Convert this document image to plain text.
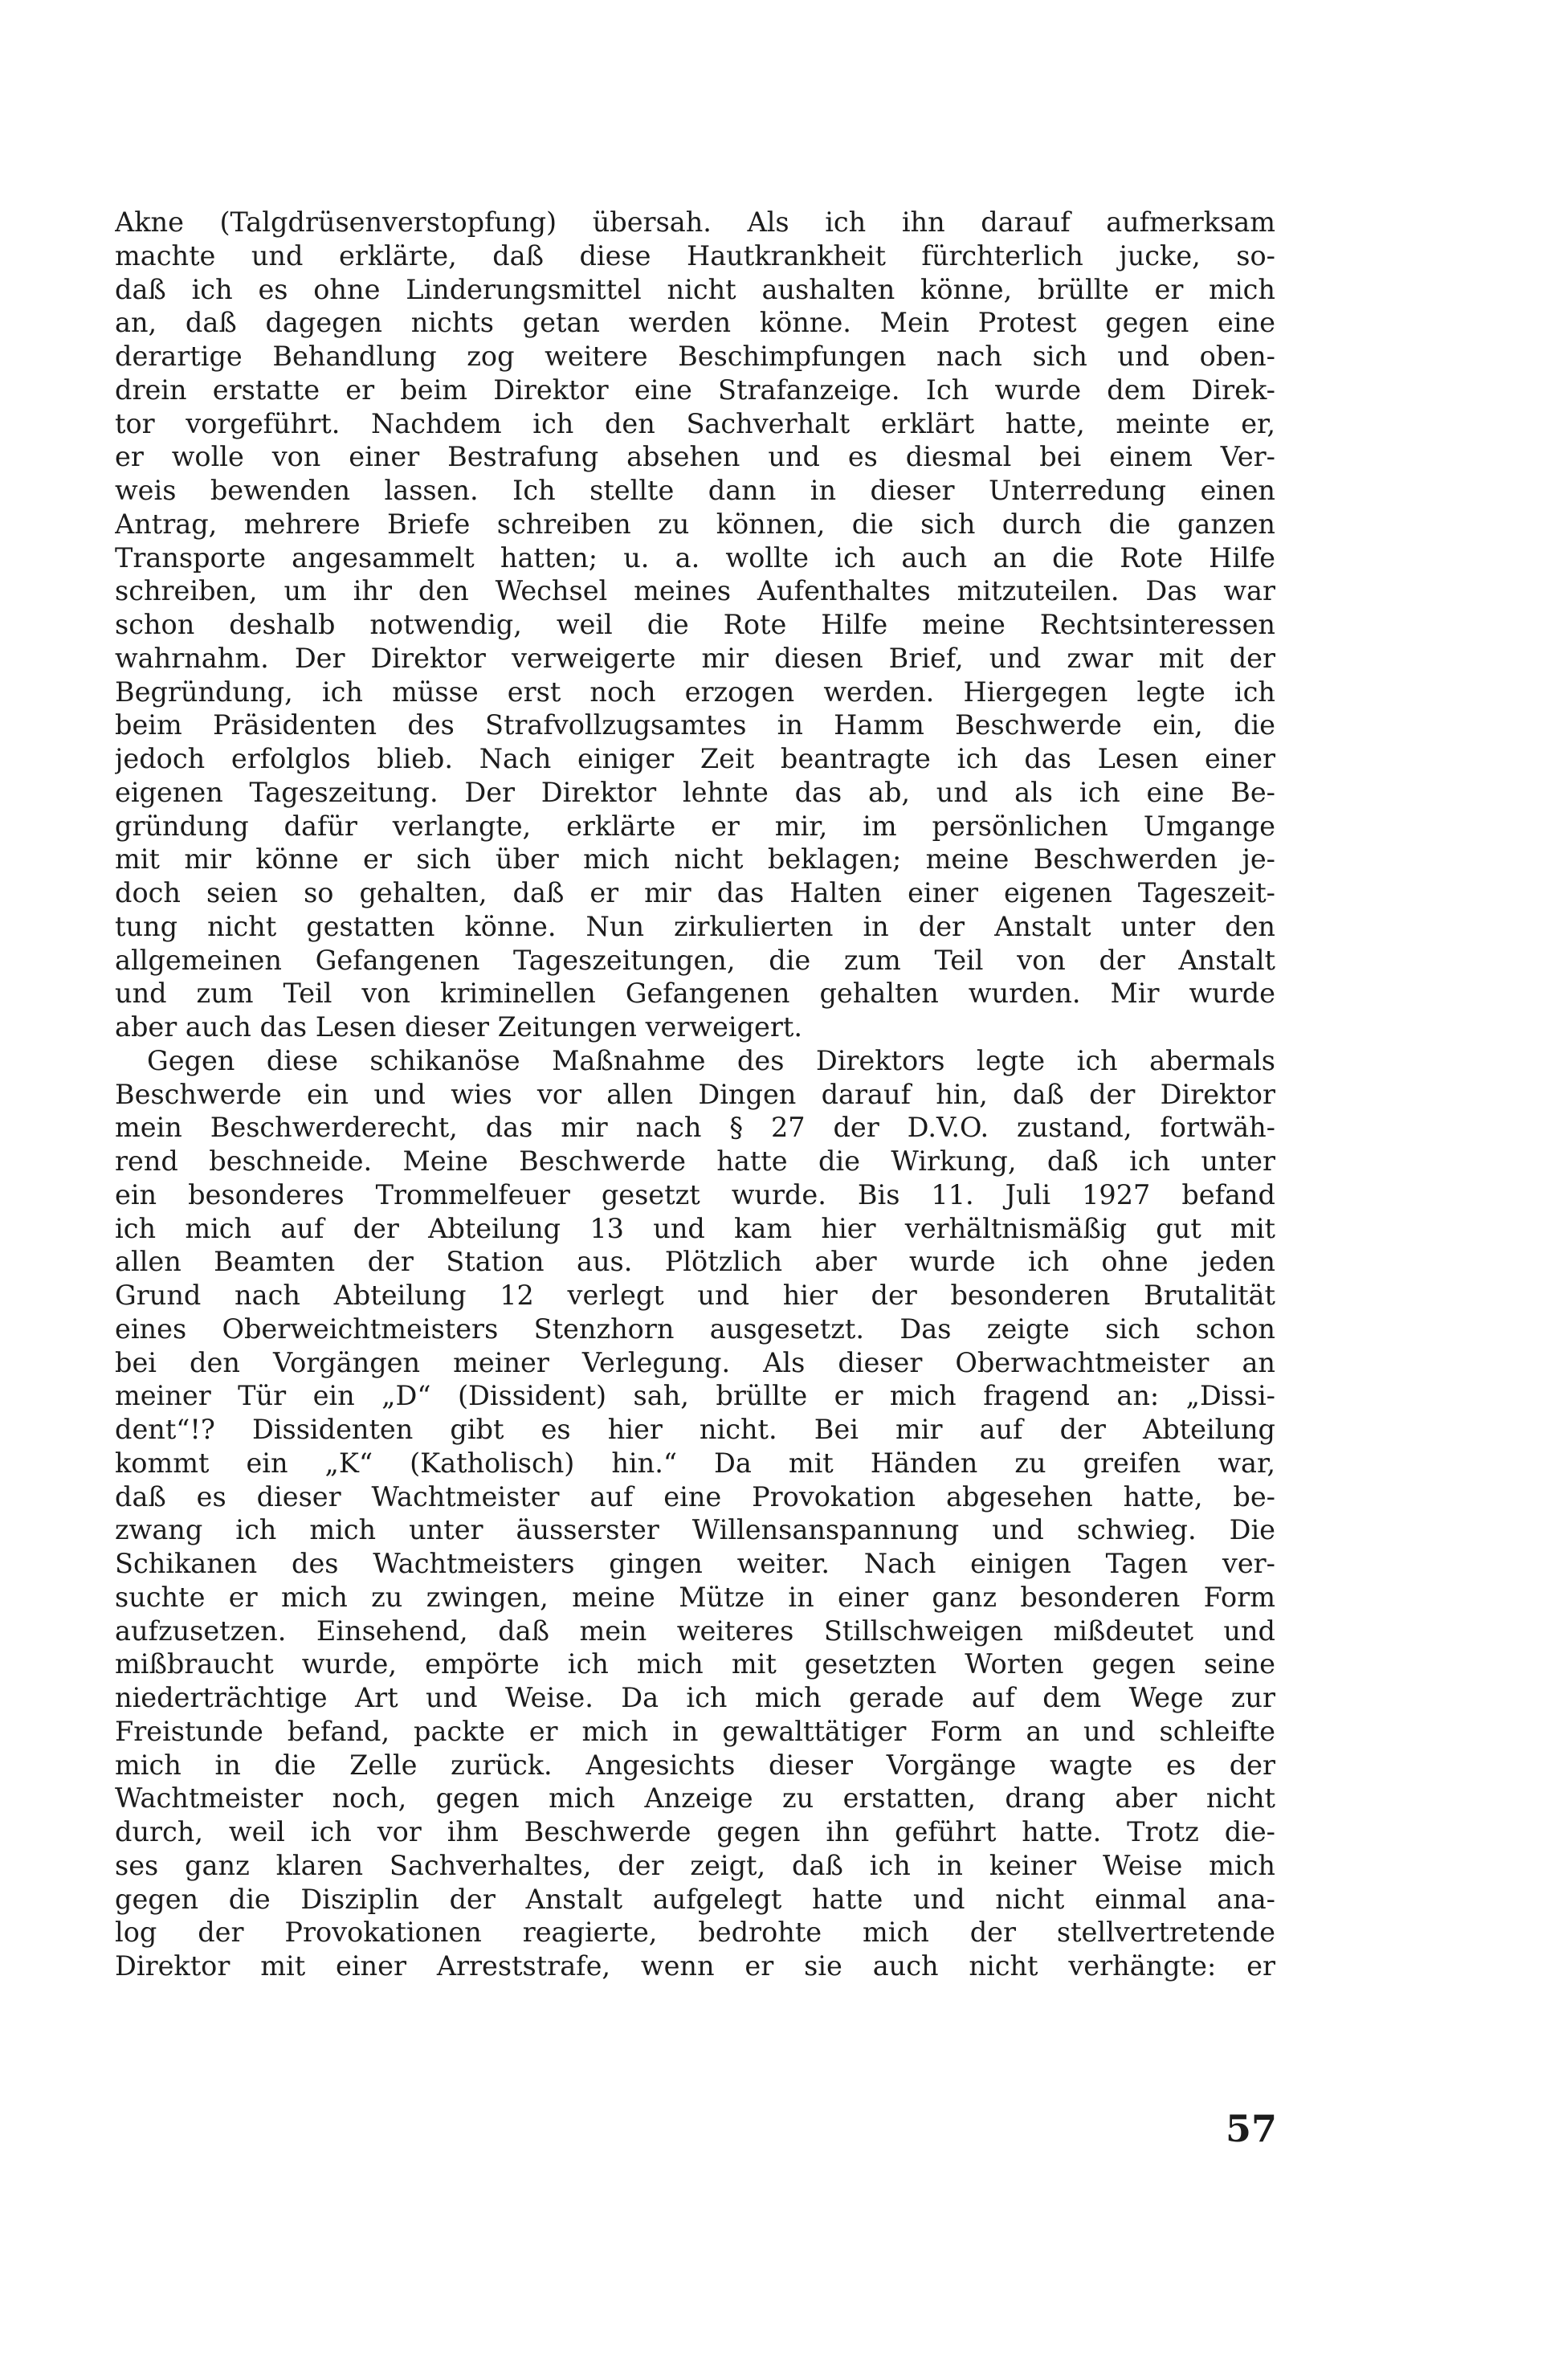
Akne (Talgdrüsenverstopfung) übersah. Als ich ihn darauf aufmerksam
machte und erklärte, daß diese Hautkrankheit fürchterlich jucke, so-
daß ich es ohne Linderungsmittel nicht aushalten könne, brüllte er mich
an, daß dagegen nichts getan werden könne. Mein Protest gegen eine
derartige Behandlung zog weitere Beschimpfungen nach sich und oben-
drein erstatte er beim Direktor eine Strafanzeige. Ich wurde dem Direk-
tor vorgeführt. Nachdem ich den Sachverhalt erklärt hatte, meinte er,
er wolle von einer Bestrafung absehen und es diesmal bei einem Ver-
weis bewenden lassen. Ich stellte dann in dieser Unterredung einen
Antrag, mehrere Briefe schreiben zu können, die sich durch die ganzen
Transporte angesammelt hatten; u. a. wollte ich auch an die Rote Hilfe
schreiben, um ihr den Wechsel meines Aufenthaltes mitzuteilen. Das war
schon deshalb notwendig, weil die Rote Hilfe meine Rechtsinteressen
wahrnahm. Der Direktor verweigerte mir diesen Brief, und zwar mit der
Begründung, ich müsse erst noch erzogen werden. Hiergegen legte ich
beim Präsidenten des Strafvollzugsamtes in Hamm Beschwerde ein, die
jedoch erfolglos blieb. Nach einiger Zeit beantragte ich das Lesen einer
eigenen Tageszeitung. Der Direktor lehnte das ab, und als ich eine Be-
gründung dafür verlangte, erklärte er mir, im persönlichen Umgange
mit mir könne er sich über mich nicht beklagen; meine Beschwerden je-
doch seien so gehalten, daß er mir das Halten einer eigenen Tageszeit-
tung nicht gestatten könne. Nun zirkulierten in der Anstalt unter den
allgemeinen Gefangenen Tageszeitungen, die zum Teil von der Anstalt
und zum Teil von kriminellen Gefangenen gehalten wurden. Mir wurde
aber auch das Lesen dieser Zeitungen verweigert.
Gegen diese schikanöse Maßnahme des Direktors legte ich abermals
Beschwerde ein und wies vor allen Dingen darauf hin, daß der Direktor
mein Beschwerderecht, das mir nach § 27 der D.V.O. zustand, fortwäh-
rend beschneide. Meine Beschwerde hatte die Wirkung, daß ich unter
ein besonderes Trommelfeuer gesetzt wurde. Bis 11. Juli 1927 befand
ich mich auf der Abteilung 13 und kam hier verhältnismäßig gut mit
allen Beamten der Station aus. Plötzlich aber wurde ich ohne jeden
Grund nach Abteilung 12 verlegt und hier der besonderen Brutalität
eines Oberweichtmeisters Stenzhorn ausgesetzt. Das zeigte sich schon
bei den Vorgängen meiner Verlegung. Als dieser Oberwachtmeister an
meiner Tür ein „D“ (Dissident) sah, brüllte er mich fragend an: „Dissi-
dent“!? Dissidenten gibt es hier nicht. Bei mir auf der Abteilung
kommt ein „K“ (Katholisch) hin.“ Da mit Händen zu greifen war,
daß es dieser Wachtmeister auf eine Provokation abgesehen hatte, be-
zwang ich mich unter äusserster Willensanspannung und schwieg. Die
Schikanen des Wachtmeisters gingen weiter. Nach einigen Tagen ver-
suchte er mich zu zwingen, meine Mütze in einer ganz besonderen Form
aufzusetzen. Einsehend, daß mein weiteres Stillschweigen mißdeutet und
mißbraucht wurde, empörte ich mich mit gesetzten Worten gegen seine
niederträchtige Art und Weise. Da ich mich gerade auf dem Wege zur
Freistunde befand, packte er mich in gewalttätiger Form an und schleifte
mich in die Zelle zurück. Angesichts dieser Vorgänge wagte es der
Wachtmeister noch, gegen mich Anzeige zu erstatten, drang aber nicht
durch, weil ich vor ihm Beschwerde gegen ihn geführt hatte. Trotz die-
ses ganz klaren Sachverhaltes, der zeigt, daß ich in keiner Weise mich
gegen die Disziplin der Anstalt aufgelegt hatte und nicht einmal ana-
log der Provokationen reagierte, bedrohte mich der stellvertretende
Direktor mit einer Arreststrafe, wenn er sie auch nicht verhängte: er
57
